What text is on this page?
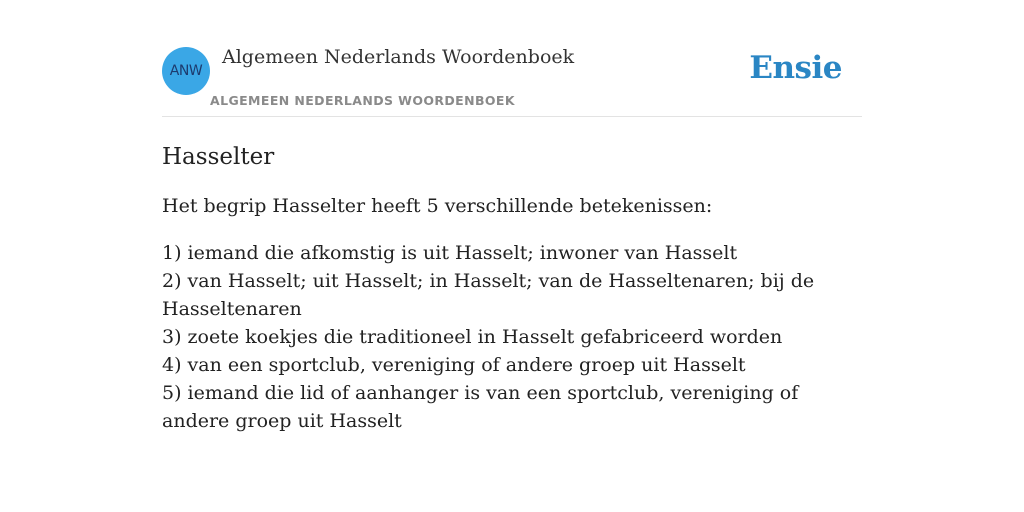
ANW
Algemeen Nederlands Woordenboek
ALGEMEEN NEDERLANDS WOORDENBOEK
Ensie
Hasselter

Het begrip Hasselter heeft 5 verschillende betekenissen:

1) iemand die afkomstig is uit Hasselt; inwoner van Hasselt
2) van Hasselt; uit Hasselt; in Hasselt; van de Hasseltenaren; bij de Hasseltenaren
3) zoete koekjes die traditioneel in Hasselt gefabriceerd worden
4) van een sportclub, vereniging of andere groep uit Hasselt
5) iemand die lid of aanhanger is van een sportclub, vereniging of andere groep uit Hasselt
